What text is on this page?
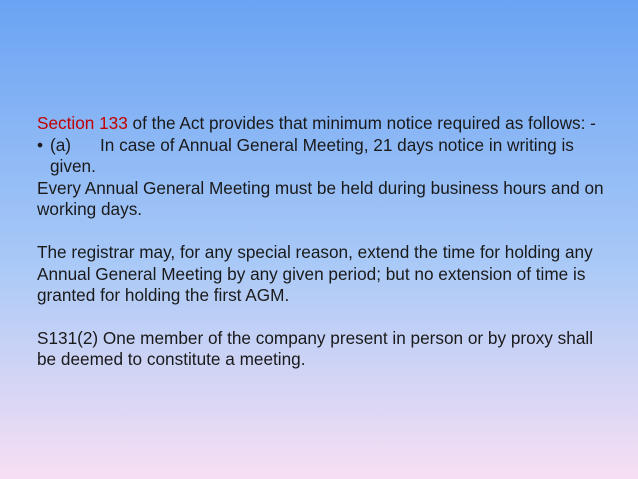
Section 133 of the Act provides that minimum notice required as follows: -

• (a) In case of Annual General Meeting, 21 days notice in writing is given.

Every Annual General Meeting must be held during business hours and on working days.

The registrar may, for any special reason, extend the time for holding any Annual General Meeting by any given period; but no extension of time is granted for holding the first AGM.

S131(2) One member of the company present in person or by proxy shall be deemed to constitute a meeting.
